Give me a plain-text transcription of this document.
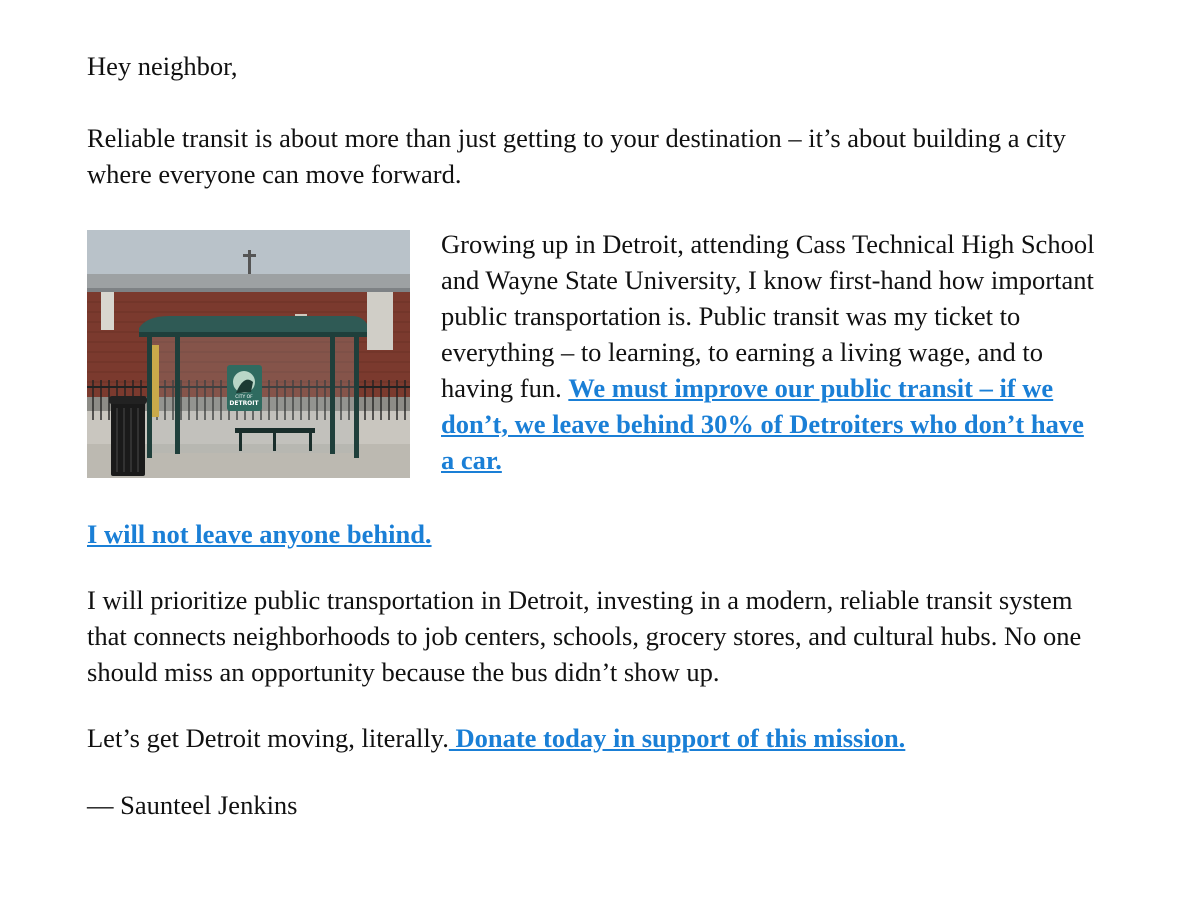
Hey neighbor,

Reliable transit is about more than just getting to your destination – it’s about building a city where everyone can move forward.

CITY OF
DETROIT

Growing up in Detroit, attending Cass Technical High School and Wayne State University, I know first-hand how important public transportation is. Public transit was my ticket to everything – to learning, to earning a living wage, and to having fun. We must improve our public transit – if we don’t, we leave behind 30% of Detroiters who don’t have a car.

I will not leave anyone behind.

I will prioritize public transportation in Detroit, investing in a modern, reliable transit system that connects neighborhoods to job centers, schools, grocery stores, and cultural hubs. No one should miss an opportunity because the bus didn’t show up.

Let’s get Detroit moving, literally. Donate today in support of this mission.

— Saunteel Jenkins
